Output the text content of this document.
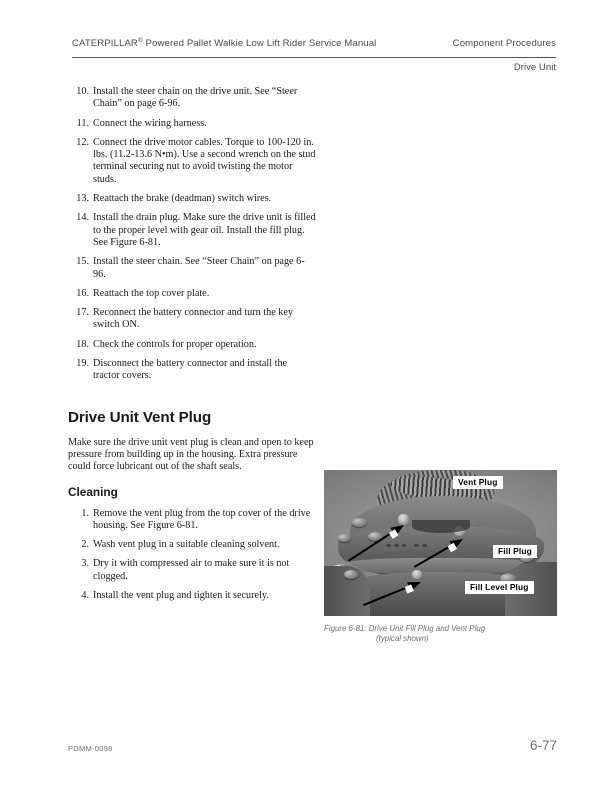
CATERPILLAR® Powered Pallet Walkie Low Lift Rider Service Manual	Component Procedures
Drive Unit
10. Install the steer chain on the drive unit. See “Steer Chain” on page 6-96.
11. Connect the wiring harness.
12. Connect the drive motor cables. Torque to 100-120 in. lbs. (11.2-13.6 N•m). Use a second wrench on the stud terminal securing nut to avoid twisting the motor studs.
13. Reattach the brake (deadman) switch wires.
14. Install the drain plug. Make sure the drive unit is filled to the proper level with gear oil. Install the fill plug. See Figure 6-81.
15. Install the steer chain. See “Steer Chain” on page 6-96.
16. Reattach the top cover plate.
17. Reconnect the battery connector and turn the key switch ON.
18. Check the controls for proper operation.
19. Disconnect the battery connector and install the tractor covers.
Drive Unit Vent Plug

Make sure the drive unit vent plug is clean and open to keep pressure from building up in the housing. Extra pressure could force lubricant out of the shaft seals.

Cleaning
1. Remove the vent plug from the top cover of the drive housing. See Figure 6-81.
2. Wash vent plug in a suitable cleaning solvent.
3. Dry it with compressed air to make sure it is not clogged.
4. Install the vent plug and tighten it securely.
Vent Plug
Fill Plug
Fill Level Plug
Figure 6-81: Drive Unit Fill Plug and Vent Plug
(typical shown)
PDMM-0098	6-77
